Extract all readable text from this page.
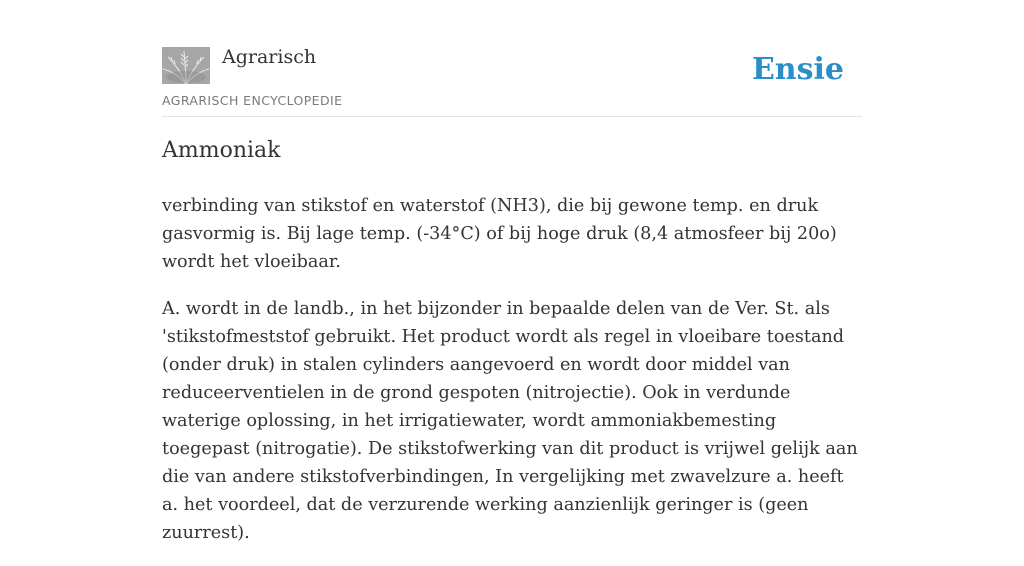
Agrarisch
AGRARISCH ENCYCLOPEDIE
Ensie
Ammoniak

verbinding van stikstof en waterstof (NH3), die bij gewone temp. en druk gasvormig is. Bij lage temp. (-34°C) of bij hoge druk (8,4 atmosfeer bij 20o) wordt het vloeibaar.

A. wordt in de landb., in het bijzonder in bepaalde delen van de Ver. St. als 'stikstofmeststof gebruikt. Het product wordt als regel in vloeibare toestand (onder druk) in stalen cylinders aangevoerd en wordt door middel van reduceerventielen in de grond gespoten (nitrojectie). Ook in verdunde waterige oplossing, in het irrigatiewater, wordt ammoniakbemesting toegepast (nitrogatie). De stikstofwerking van dit product is vrijwel gelijk aan die van andere stikstofverbindingen, In vergelijking met zwavelzure a. heeft a. het voordeel, dat de verzurende werking aanzienlijk geringer is (geen zuurrest).
